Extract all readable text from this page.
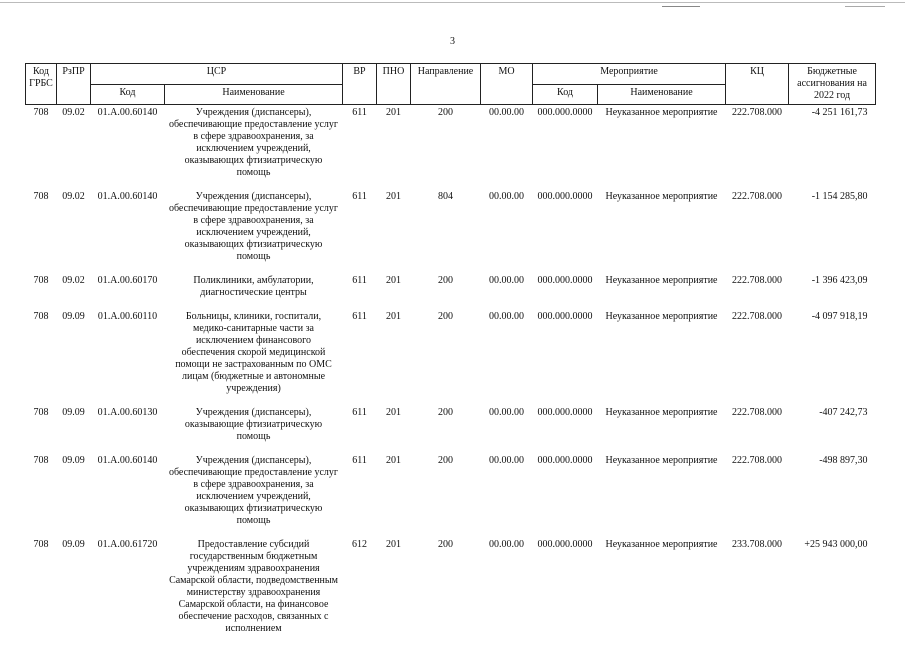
3
Код ГРБС	РзПР	ЦСР		ВР	ПНО	Направление	МО	Мероприятие		КЦ	Бюджетные ассигнования на 2022 год
		Код	Наименование					Код	Наименование		
708	09.02	01.А.00.60140	Учреждения (диспансеры), обеспечивающие предоставление услуг в сфере здравоохранения, за исключением учреждений, оказывающих фтизиатрическую помощь	611	201	200	00.00.00	000.000.0000	Неуказанное мероприятие	222.708.000	-4 251 161,73
708	09.02	01.А.00.60140	Учреждения (диспансеры), обеспечивающие предоставление услуг в сфере здравоохранения, за исключением учреждений, оказывающих фтизиатрическую помощь	611	201	804	00.00.00	000.000.0000	Неуказанное мероприятие	222.708.000	-1 154 285,80
708	09.02	01.А.00.60170	Поликлиники, амбулатории, диагностические центры	611	201	200	00.00.00	000.000.0000	Неуказанное мероприятие	222.708.000	-1 396 423,09
708	09.09	01.А.00.60110	Больницы, клиники, госпитали, медико-санитарные части за исключением финансового обеспечения скорой медицинской помощи не застрахованным по ОМС лицам (бюджетные и автономные учреждения)	611	201	200	00.00.00	000.000.0000	Неуказанное мероприятие	222.708.000	-4 097 918,19
708	09.09	01.А.00.60130	Учреждения (диспансеры), оказывающие фтизиатрическую помощь	611	201	200	00.00.00	000.000.0000	Неуказанное мероприятие	222.708.000	-407 242,73
708	09.09	01.А.00.60140	Учреждения (диспансеры), обеспечивающие предоставление услуг в сфере здравоохранения, за исключением учреждений, оказывающих фтизиатрическую помощь	611	201	200	00.00.00	000.000.0000	Неуказанное мероприятие	222.708.000	-498 897,30
708	09.09	01.А.00.61720	Предоставление субсидий государственным бюджетным учреждениям здравоохранения Самарской области, подведомственным министерству здравоохранения Самарской области, на финансовое обеспечение расходов, связанных с исполнением	612	201	200	00.00.00	000.000.0000	Неуказанное мероприятие	233.708.000	+25 943 000,00
